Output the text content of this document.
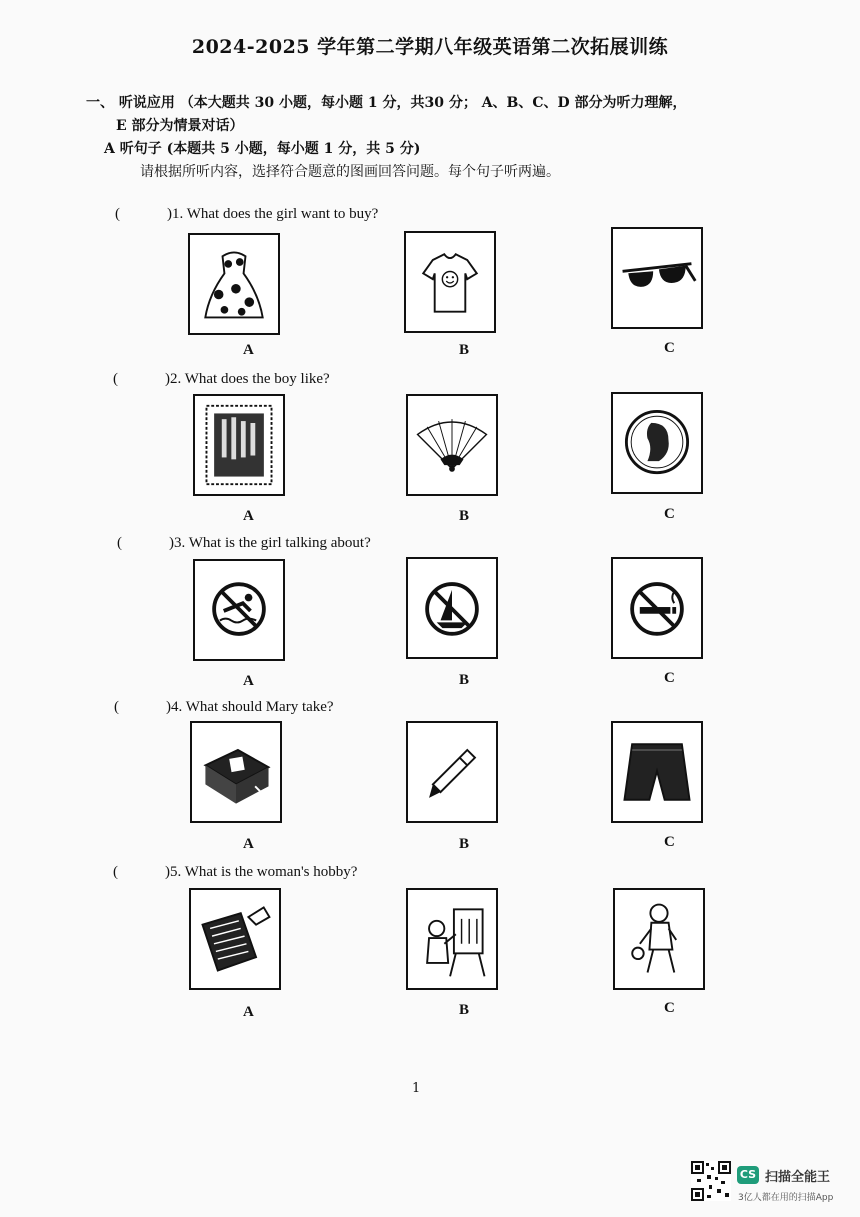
2024-2025 学年第二学期八年级英语第二次拓展训练
一、 听说应用 （本大题共 30 小题，每小题 1 分，共30 分； A、B、C、D 部分为听力理解，
E 部分为情景对话）
A 听句子 (本题共 5 小题，每小题 1 分，共 5 分)
请根据所听内容，选择符合题意的图画回答问题。每个句子听两遍。
(	)1. What does the girl want to buy?
A	B	C
(	)2. What does the boy like?
A	B	C
(	)3. What is the girl talking about?
A	B	C
(	)4. What should Mary take?
A	B	C
(	)5. What is the woman's hobby?
A	B	C
1
CS 扫描全能王
3亿人都在用的扫描App
